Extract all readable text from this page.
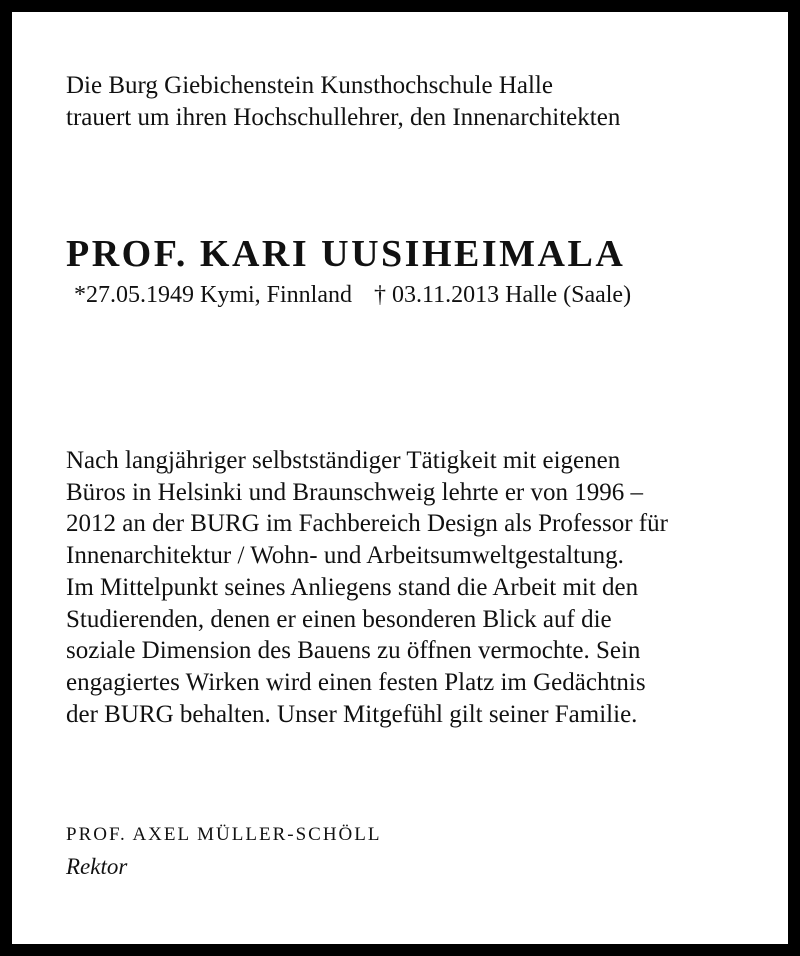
Die Burg Giebichenstein Kunsthochschule Halle
trauert um ihren Hochschullehrer, den Innenarchitekten
PROF. KARI UUSIHEIMALA
*27.05.1949 Kymi, Finnland † 03.11.2013 Halle (Saale)
Nach langjähriger selbstständiger Tätigkeit mit eigenen
Büros in Helsinki und Braunschweig lehrte er von 1996 –
2012 an der BURG im Fachbereich Design als Professor für
Innenarchitektur / Wohn- und Arbeitsumweltgestaltung.
Im Mittelpunkt seines Anliegens stand die Arbeit mit den
Studierenden, denen er einen besonderen Blick auf die
soziale Dimension des Bauens zu öffnen vermochte. Sein
engagiertes Wirken wird einen festen Platz im Gedächtnis
der BURG behalten. Unser Mitgefühl gilt seiner Familie.
PROF. AXEL MÜLLER-SCHÖLL
Rektor
